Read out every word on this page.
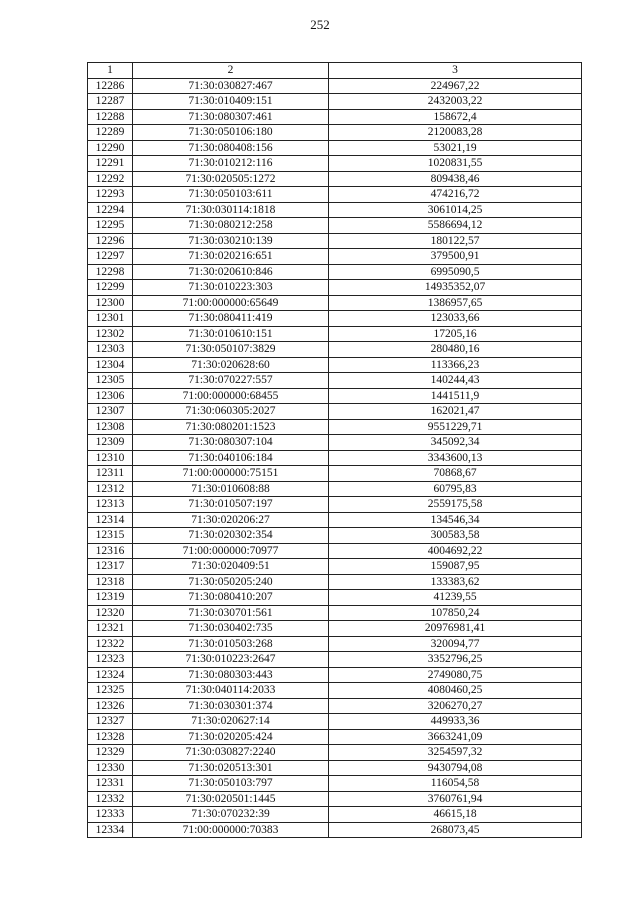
252
1	2	3
12286	71:30:030827:467	224967,22
12287	71:30:010409:151	2432003,22
12288	71:30:080307:461	158672,4
12289	71:30:050106:180	2120083,28
12290	71:30:080408:156	53021,19
12291	71:30:010212:116	1020831,55
12292	71:30:020505:1272	809438,46
12293	71:30:050103:611	474216,72
12294	71:30:030114:1818	3061014,25
12295	71:30:080212:258	5586694,12
12296	71:30:030210:139	180122,57
12297	71:30:020216:651	379500,91
12298	71:30:020610:846	6995090,5
12299	71:30:010223:303	14935352,07
12300	71:00:000000:65649	1386957,65
12301	71:30:080411:419	123033,66
12302	71:30:010610:151	17205,16
12303	71:30:050107:3829	280480,16
12304	71:30:020628:60	113366,23
12305	71:30:070227:557	140244,43
12306	71:00:000000:68455	1441511,9
12307	71:30:060305:2027	162021,47
12308	71:30:080201:1523	9551229,71
12309	71:30:080307:104	345092,34
12310	71:30:040106:184	3343600,13
12311	71:00:000000:75151	70868,67
12312	71:30:010608:88	60795,83
12313	71:30:010507:197	2559175,58
12314	71:30:020206:27	134546,34
12315	71:30:020302:354	300583,58
12316	71:00:000000:70977	4004692,22
12317	71:30:020409:51	159087,95
12318	71:30:050205:240	133383,62
12319	71:30:080410:207	41239,55
12320	71:30:030701:561	107850,24
12321	71:30:030402:735	20976981,41
12322	71:30:010503:268	320094,77
12323	71:30:010223:2647	3352796,25
12324	71:30:080303:443	2749080,75
12325	71:30:040114:2033	4080460,25
12326	71:30:030301:374	3206270,27
12327	71:30:020627:14	449933,36
12328	71:30:020205:424	3663241,09
12329	71:30:030827:2240	3254597,32
12330	71:30:020513:301	9430794,08
12331	71:30:050103:797	116054,58
12332	71:30:020501:1445	3760761,94
12333	71:30:070232:39	46615,18
12334	71:00:000000:70383	268073,45
